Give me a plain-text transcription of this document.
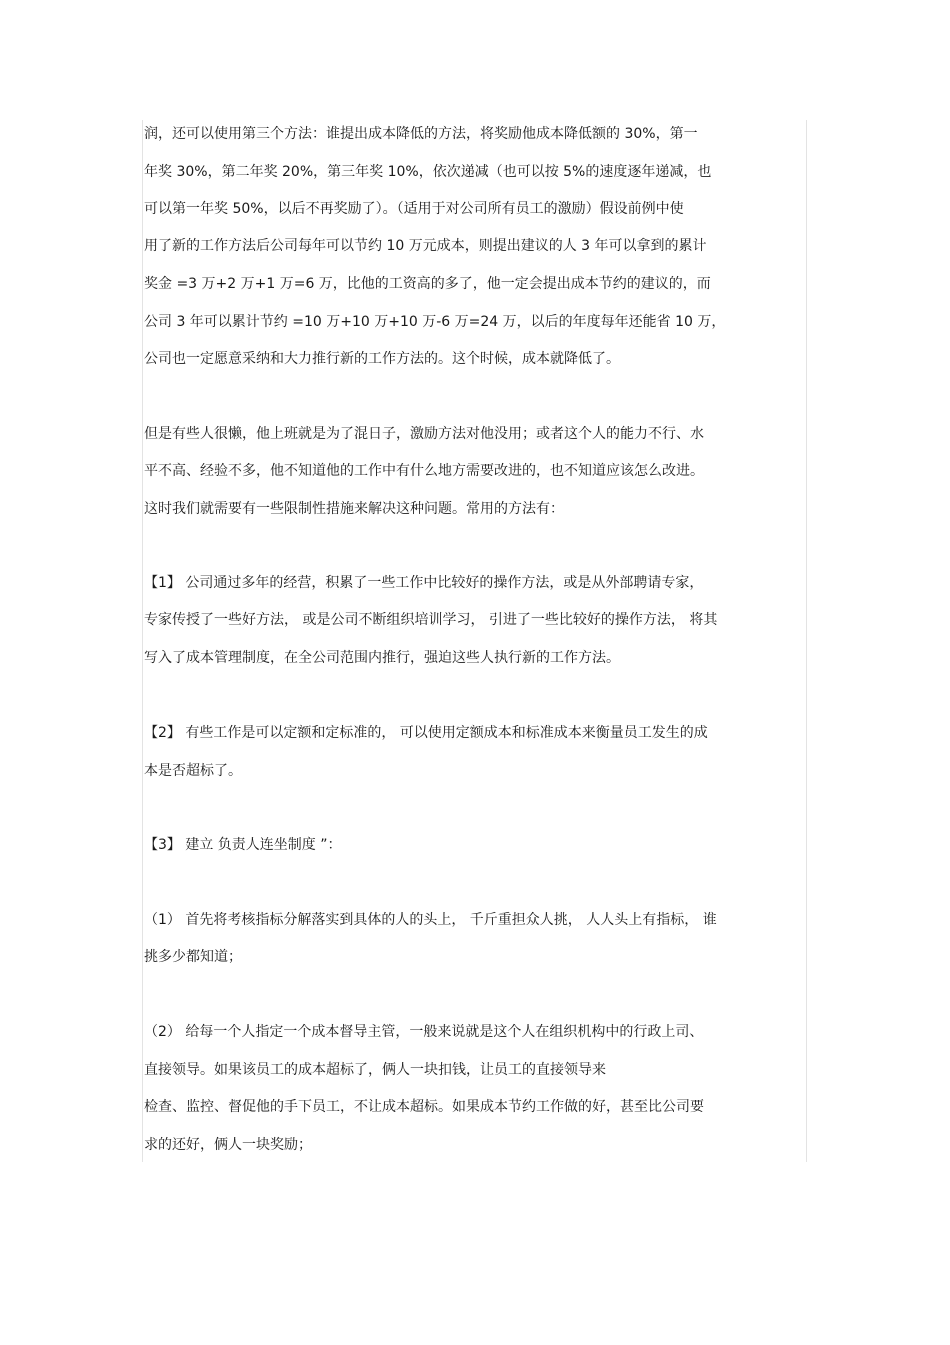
润，还可以使用第三个方法：谁提出成本降低的方法，将奖励他成本降低额的 30%，第一
年奖 30%，第二年奖 20%，第三年奖 10%，依次递减（也可以按 5%的速度逐年递减，也
可以第一年奖 50%，以后不再奖励了）。（适用于对公司所有员工的激励）假设前例中使
用了新的工作方法后公司每年可以节约 10 万元成本，则提出建议的人 3 年可以拿到的累计
奖金 =3 万+2 万+1 万=6 万，比他的工资高的多了，他一定会提出成本节约的建议的，而
公司 3 年可以累计节约 =10 万+10 万+10 万-6 万=24 万，以后的年度每年还能省 10 万，
公司也一定愿意采纳和大力推行新的工作方法的。这个时候，成本就降低了。
但是有些人很懒，他上班就是为了混日子，激励方法对他没用；或者这个人的能力不行、水
平不高、经验不多，他不知道他的工作中有什么地方需要改进的，也不知道应该怎么改进。
这时我们就需要有一些限制性措施来解决这种问题。常用的方法有：
【1】 公司通过多年的经营，积累了一些工作中比较好的操作方法，或是从外部聘请专家，
专家传授了一些好方法， 或是公司不断组织培训学习， 引进了一些比较好的操作方法， 将其
写入了成本管理制度，在全公司范围内推行，强迫这些人执行新的工作方法。
【2】 有些工作是可以定额和定标准的， 可以使用定额成本和标准成本来衡量员工发生的成
本是否超标了。
【3】 建立 负责人连坐制度 ”：
（1） 首先将考核指标分解落实到具体的人的头上， 千斤重担众人挑， 人人头上有指标， 谁
挑多少都知道；
（2） 给每一个人指定一个成本督导主管，一般来说就是这个人在组织机构中的行政上司、
直接领导。如果该员工的成本超标了，俩人一块扣钱，让员工的直接领导来
检查、监控、督促他的手下员工，不让成本超标。如果成本节约工作做的好，甚至比公司要
求的还好，俩人一块奖励；
